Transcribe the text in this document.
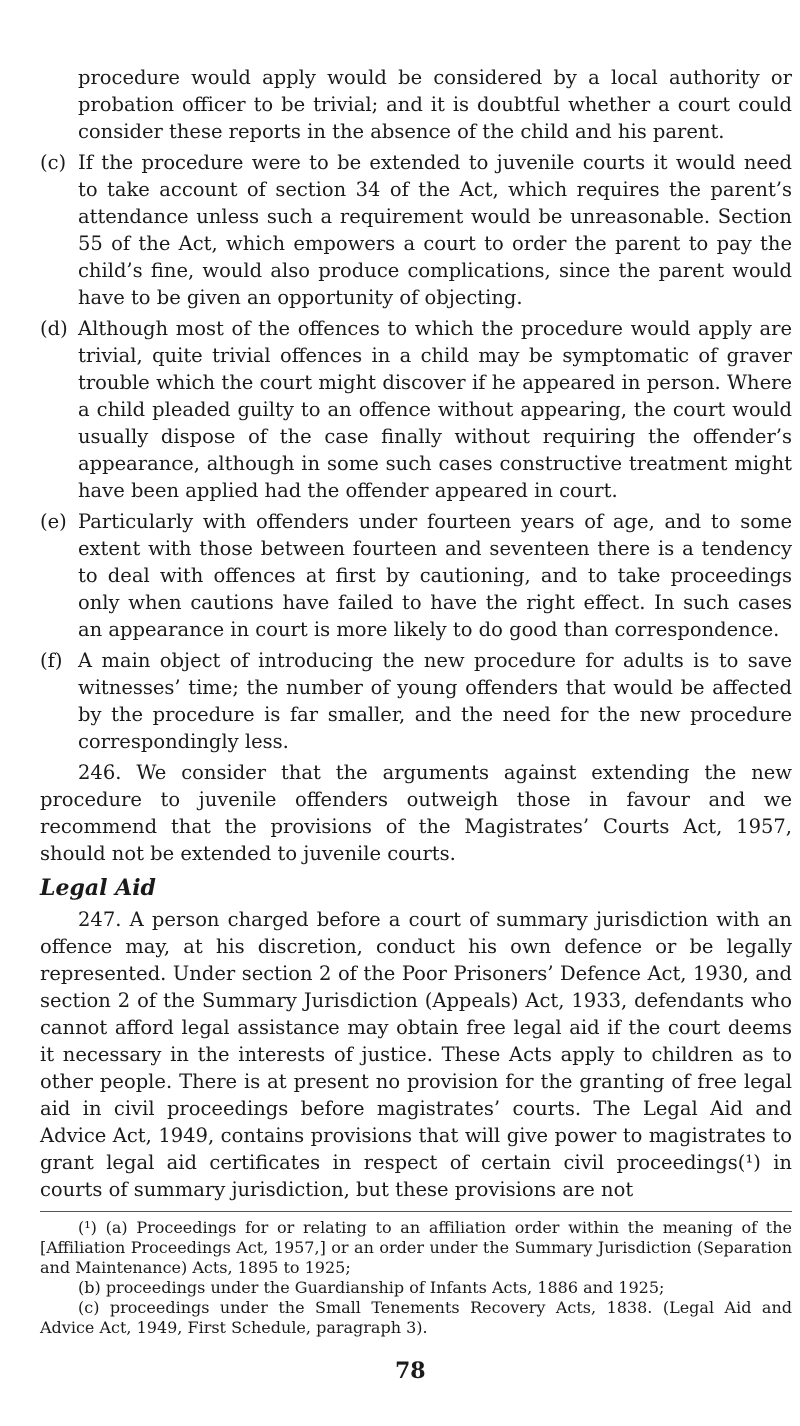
procedure would apply would be considered by a local authority or probation officer to be trivial; and it is doubtful whether a court could consider these reports in the absence of the child and his parent.

(c) If the procedure were to be extended to juvenile courts it would need to take account of section 34 of the Act, which requires the parent’s attendance unless such a requirement would be unreasonable. Section 55 of the Act, which empowers a court to order the parent to pay the child’s fine, would also produce complications, since the parent would have to be given an opportunity of objecting.
(d) Although most of the offences to which the procedure would apply are trivial, quite trivial offences in a child may be symptomatic of graver trouble which the court might discover if he appeared in person. Where a child pleaded guilty to an offence without appearing, the court would usually dispose of the case finally without requiring the offender’s appearance, although in some such cases constructive treatment might have been applied had the offender appeared in court.
(e) Particularly with offenders under fourteen years of age, and to some extent with those between fourteen and seventeen there is a tendency to deal with offences at first by cautioning, and to take proceedings only when cautions have failed to have the right effect. In such cases an appearance in court is more likely to do good than correspondence.
(f) A main object of introducing the new procedure for adults is to save witnesses’ time; the number of young offenders that would be affected by the procedure is far smaller, and the need for the new procedure correspondingly less.

246. We consider that the arguments against extending the new procedure to juvenile offenders outweigh those in favour and we recommend that the provisions of the Magistrates’ Courts Act, 1957, should not be extended to juvenile courts.

Legal Aid

247. A person charged before a court of summary jurisdiction with an offence may, at his discretion, conduct his own defence or be legally represented. Under section 2 of the Poor Prisoners’ Defence Act, 1930, and section 2 of the Summary Jurisdiction (Appeals) Act, 1933, defendants who cannot afford legal assistance may obtain free legal aid if the court deems it necessary in the interests of justice. These Acts apply to children as to other people. There is at present no provision for the granting of free legal aid in civil proceedings before magistrates’ courts. The Legal Aid and Advice Act, 1949, contains provisions that will give power to magistrates to grant legal aid certificates in respect of certain civil proceedings(¹) in courts of summary jurisdiction, but these provisions are not

(¹) (a) Proceedings for or relating to an affiliation order within the meaning of the [Affiliation Proceedings Act, 1957,] or an order under the Summary Jurisdiction (Separation and Maintenance) Acts, 1895 to 1925;

(b) proceedings under the Guardianship of Infants Acts, 1886 and 1925;

(c) proceedings under the Small Tenements Recovery Acts, 1838. (Legal Aid and Advice Act, 1949, First Schedule, paragraph 3).

78
